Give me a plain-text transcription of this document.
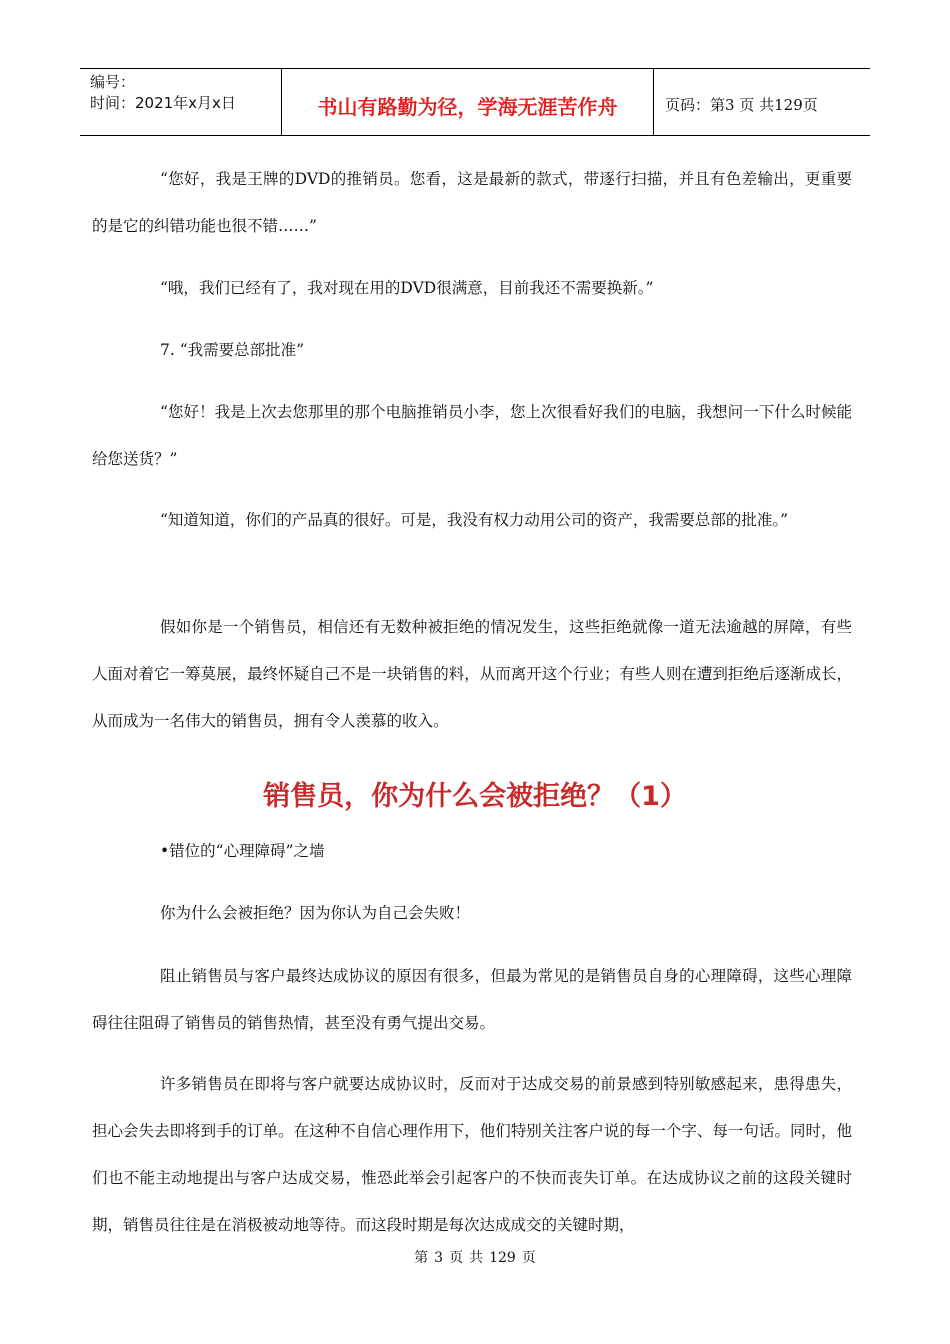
编号：
时间：2021年x月x日	书山有路勤为径，学海无涯苦作舟	页码：第3 页 共129页

“您好，我是王牌的DVD的推销员。您看，这是最新的款式，带逐行扫描，并且有色差输出，更重要的是它的纠错功能也很不错……”

“哦，我们已经有了，我对现在用的DVD很满意，目前我还不需要换新。”

7. “我需要总部批准”

“您好！我是上次去您那里的那个电脑推销员小李，您上次很看好我们的电脑，我想问一下什么时候能给您送货？”

“知道知道，你们的产品真的很好。可是，我没有权力动用公司的资产，我需要总部的批准。”

假如你是一个销售员，相信还有无数种被拒绝的情况发生，这些拒绝就像一道无法逾越的屏障，有些人面对着它一筹莫展，最终怀疑自己不是一块销售的料，从而离开这个行业；有些人则在遭到拒绝后逐渐成长，从而成为一名伟大的销售员，拥有令人羡慕的收入。

销售员，你为什么会被拒绝？（1）

•错位的“心理障碍”之墙

你为什么会被拒绝？因为你认为自己会失败！

阻止销售员与客户最终达成协议的原因有很多，但最为常见的是销售员自身的心理障碍，这些心理障碍往往阻碍了销售员的销售热情，甚至没有勇气提出交易。

许多销售员在即将与客户就要达成协议时，反而对于达成交易的前景感到特别敏感起来，患得患失，担心会失去即将到手的订单。在这种不自信心理作用下，他们特别关注客户说的每一个字、每一句话。同时，他们也不能主动地提出与客户达成交易，惟恐此举会引起客户的不快而丧失订单。在达成协议之前的这段关键时期，销售员往往是在消极被动地等待。而这段时期是每次达成成交的关键时期，

第 3 页 共 129 页
